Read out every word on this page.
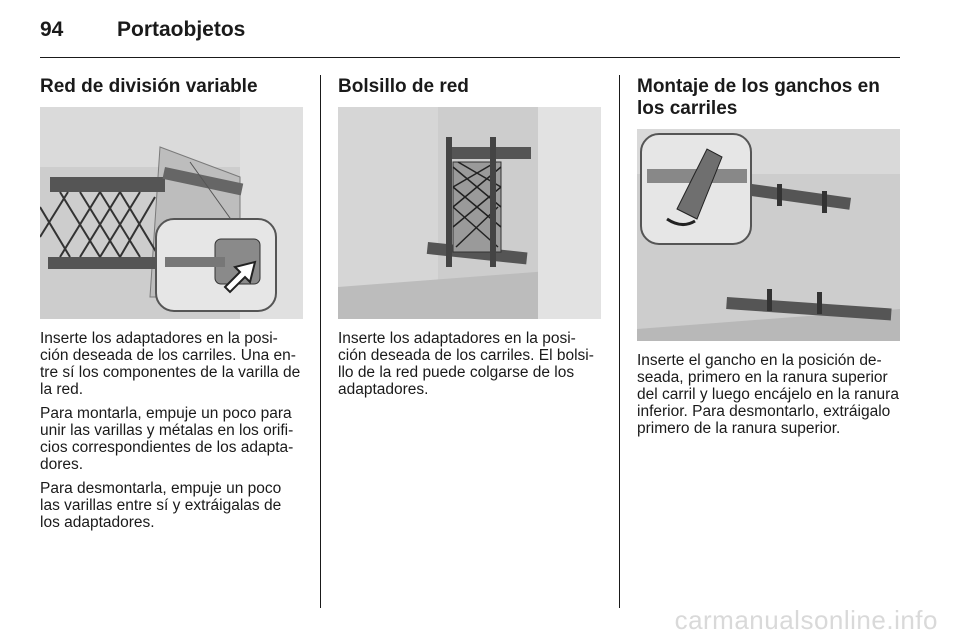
94	Portaobjetos
Red de división variable

Inserte los adaptadores en la posi-ción deseada de los carriles. Una en-tre sí los componentes de la varilla de la red.

Para montarla, empuje un poco para unir las varillas y métalas en los orifi-cios correspondientes de los adapta-dores.

Para desmontarla, empuje un poco las varillas entre sí y extráigalas de los adaptadores.

Bolsillo de red

Inserte los adaptadores en la posi-ción deseada de los carriles. El bolsi-llo de la red puede colgarse de los adaptadores.

Montaje de los ganchos en los carriles

Inserte el gancho en la posición de-seada, primero en la ranura superior del carril y luego encájelo en la ranura inferior. Para desmontarlo, extráigalo primero de la ranura superior.

carmanualsonline.info
